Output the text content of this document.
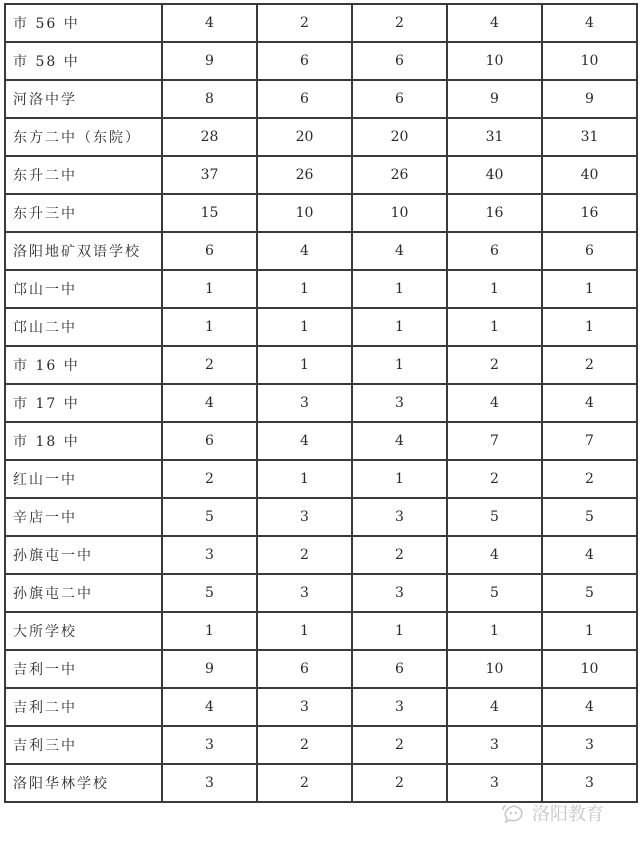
市 56 中	4	2	2	4	4
市 58 中	9	6	6	10	10
河洛中学	8	6	6	9	9
东方二中（东院）	28	20	20	31	31
东升二中	37	26	26	40	40
东升三中	15	10	10	16	16
洛阳地矿双语学校	6	4	4	6	6
邙山一中	1	1	1	1	1
邙山二中	1	1	1	1	1
市 16 中	2	1	1	2	2
市 17 中	4	3	3	4	4
市 18 中	6	4	4	7	7
红山一中	2	1	1	2	2
辛店一中	5	3	3	5	5
孙旗屯一中	3	2	2	4	4
孙旗屯二中	5	3	3	5	5
大所学校	1	1	1	1	1
吉利一中	9	6	6	10	10
吉利二中	4	3	3	4	4
吉利三中	3	2	2	3	3
洛阳华林学校	3	2	2	3	3
洛阳教育
